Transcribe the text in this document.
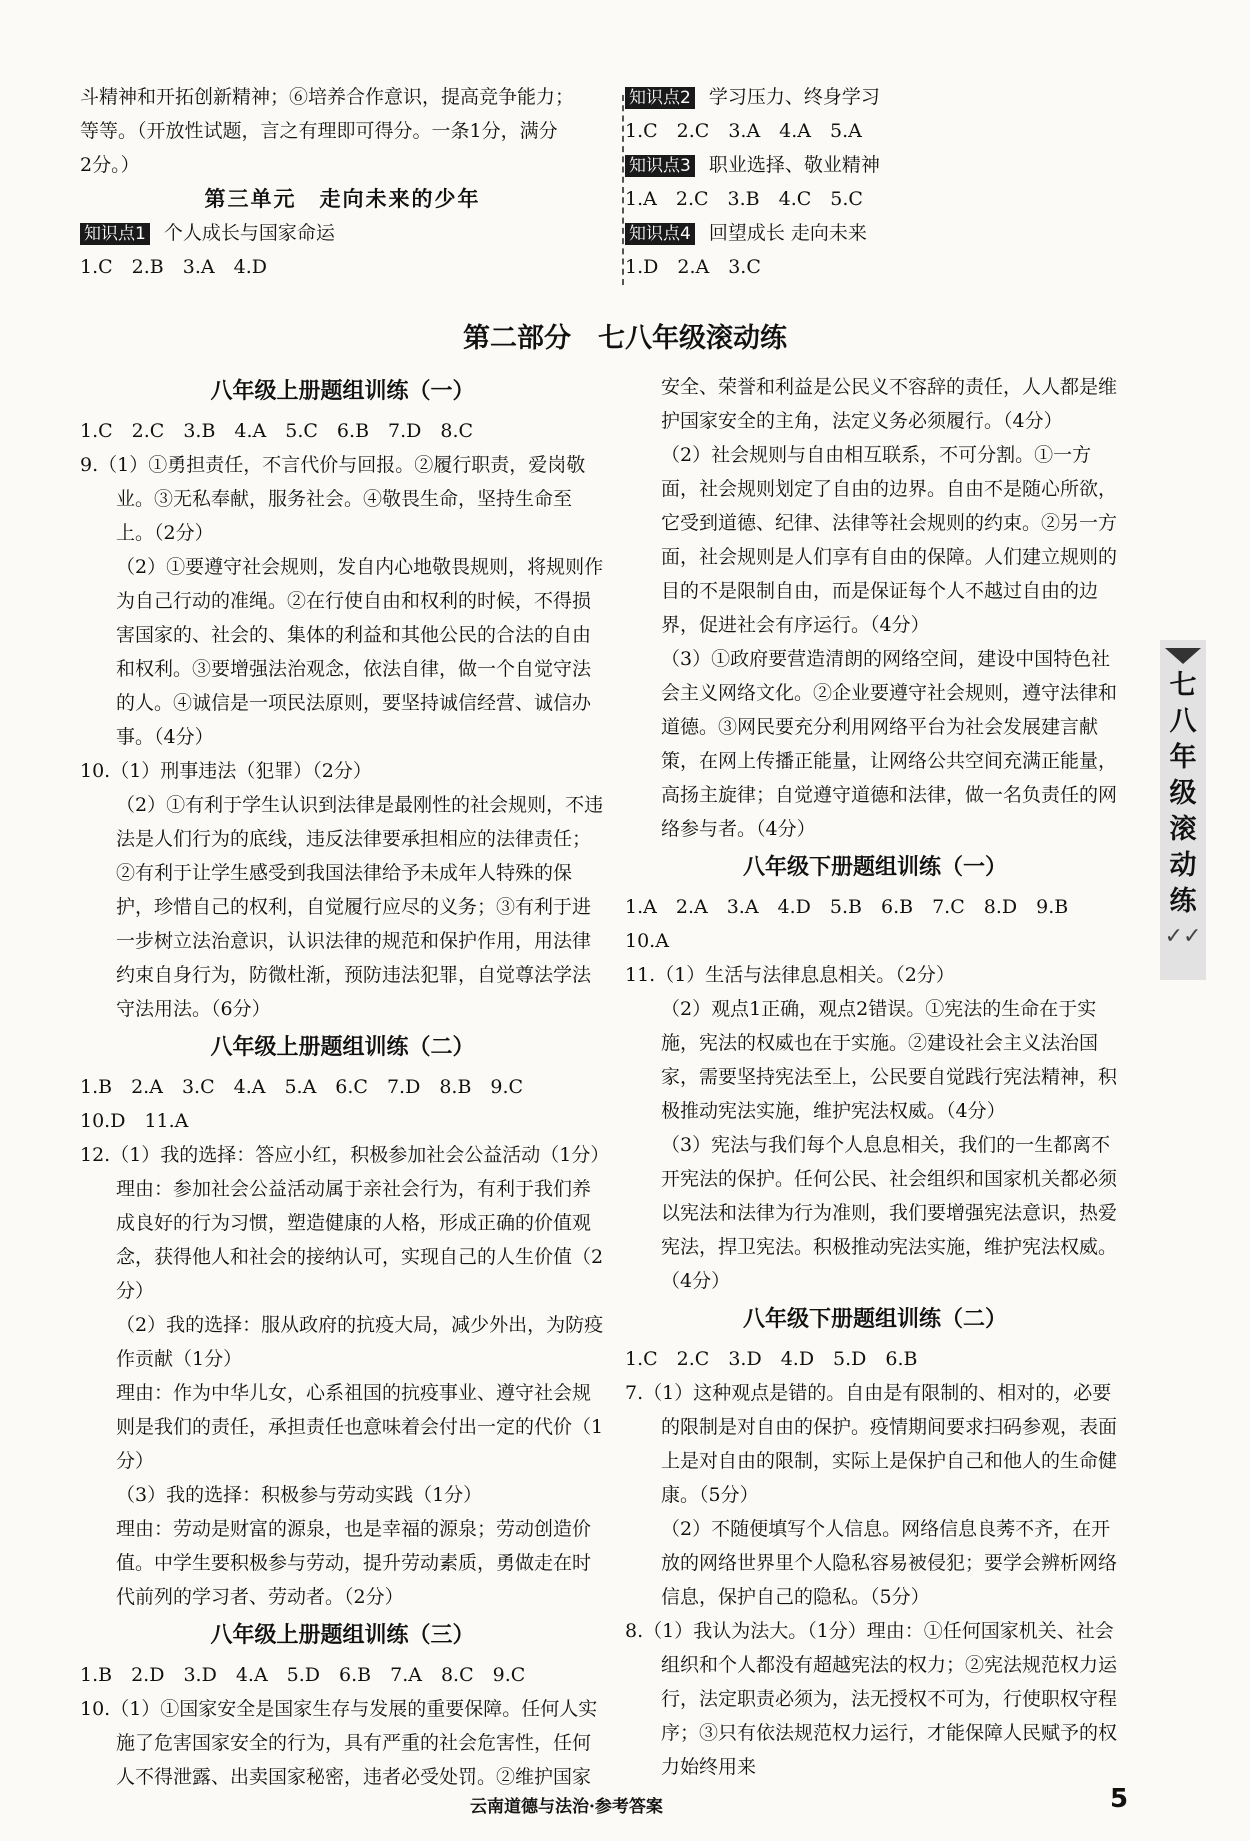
斗精神和开拓创新精神；⑥培养合作意识，提高竞争能力；

等等。（开放性试题，言之有理即可得分。一条1分，满分

2分。）

第三单元　走向未来的少年

知识点1 个人成长与国家命运

1.C　2.B　3.A　4.D

知识点2 学习压力、终身学习

1.C　2.C　3.A　4.A　5.A

知识点3 职业选择、敬业精神

1.A　2.C　3.B　4.C　5.C

知识点4 回望成长 走向未来

1.D　2.A　3.C

第二部分　七八年级滚动练

八年级上册题组训练（一）

1.C　2.C　3.B　4.A　5.C　6.B　7.D　8.C

9.（1）①勇担责任，不言代价与回报。②履行职责，爱岗敬业。③无私奉献，服务社会。④敬畏生命，坚持生命至上。（2分）

（2）①要遵守社会规则，发自内心地敬畏规则，将规则作为自己行动的准绳。②在行使自由和权利的时候，不得损害国家的、社会的、集体的利益和其他公民的合法的自由和权利。③要增强法治观念，依法自律，做一个自觉守法的人。④诚信是一项民法原则，要坚持诚信经营、诚信办事。（4分）

10.（1）刑事违法（犯罪）（2分）

（2）①有利于学生认识到法律是最刚性的社会规则，不违法是人们行为的底线，违反法律要承担相应的法律责任；②有利于让学生感受到我国法律给予未成年人特殊的保护，珍惜自己的权利，自觉履行应尽的义务；③有利于进一步树立法治意识，认识法律的规范和保护作用，用法律约束自身行为，防微杜渐，预防违法犯罪，自觉尊法学法守法用法。（6分）

八年级上册题组训练（二）

1.B　2.A　3.C　4.A　5.A　6.C　7.D　8.B　9.C

10.D　11.A

12.（1）我的选择：答应小红，积极参加社会公益活动（1分）

理由：参加社会公益活动属于亲社会行为，有利于我们养成良好的行为习惯，塑造健康的人格，形成正确的价值观念，获得他人和社会的接纳认可，实现自己的人生价值（2分）

（2）我的选择：服从政府的抗疫大局，减少外出，为防疫作贡献（1分）

理由：作为中华儿女，心系祖国的抗疫事业、遵守社会规则是我们的责任，承担责任也意味着会付出一定的代价（1分）

（3）我的选择：积极参与劳动实践（1分）

理由：劳动是财富的源泉，也是幸福的源泉；劳动创造价值。中学生要积极参与劳动，提升劳动素质，勇做走在时代前列的学习者、劳动者。（2分）

八年级上册题组训练（三）

1.B　2.D　3.D　4.A　5.D　6.B　7.A　8.C　9.C

10.（1）①国家安全是国家生存与发展的重要保障。任何人实施了危害国家安全的行为，具有严重的社会危害性，任何人不得泄露、出卖国家秘密，违者必受处罚。②维护国家

安全、荣誉和利益是公民义不容辞的责任，人人都是维护国家安全的主角，法定义务必须履行。（4分）

（2）社会规则与自由相互联系，不可分割。①一方面，社会规则划定了自由的边界。自由不是随心所欲，它受到道德、纪律、法律等社会规则的约束。②另一方面，社会规则是人们享有自由的保障。人们建立规则的目的不是限制自由，而是保证每个人不越过自由的边界，促进社会有序运行。（4分）

（3）①政府要营造清朗的网络空间，建设中国特色社会主义网络文化。②企业要遵守社会规则，遵守法律和道德。③网民要充分利用网络平台为社会发展建言献策，在网上传播正能量，让网络公共空间充满正能量，高扬主旋律；自觉遵守道德和法律，做一名负责任的网络参与者。（4分）

八年级下册题组训练（一）

1.A　2.A　3.A　4.D　5.B　6.B　7.C　8.D　9.B

10.A

11.（1）生活与法律息息相关。（2分）

（2）观点1正确，观点2错误。①宪法的生命在于实施，宪法的权威也在于实施。②建设社会主义法治国家，需要坚持宪法至上，公民要自觉践行宪法精神，积极推动宪法实施，维护宪法权威。（4分）

（3）宪法与我们每个人息息相关，我们的一生都离不开宪法的保护。任何公民、社会组织和国家机关都必须以宪法和法律为行为准则，我们要增强宪法意识，热爱宪法，捍卫宪法。积极推动宪法实施，维护宪法权威。（4分）

八年级下册题组训练（二）

1.C　2.C　3.D　4.D　5.D　6.B

7.（1）这种观点是错的。自由是有限制的、相对的，必要的限制是对自由的保护。疫情期间要求扫码参观，表面上是对自由的限制，实际上是保护自己和他人的生命健康。（5分）

（2）不随便填写个人信息。网络信息良莠不齐，在开放的网络世界里个人隐私容易被侵犯；要学会辨析网络信息，保护自己的隐私。（5分）

8.（1）我认为法大。（1分）理由：①任何国家机关、社会组织和个人都没有超越宪法的权力；②宪法规范权力运行，法定职责必须为，法无授权不可为，行使职权守程序；③只有依法规范权力运行，才能保障人民赋予的权力始终用来

七八年级滚动练
✓✓
云南道德与法治·参考答案	5
